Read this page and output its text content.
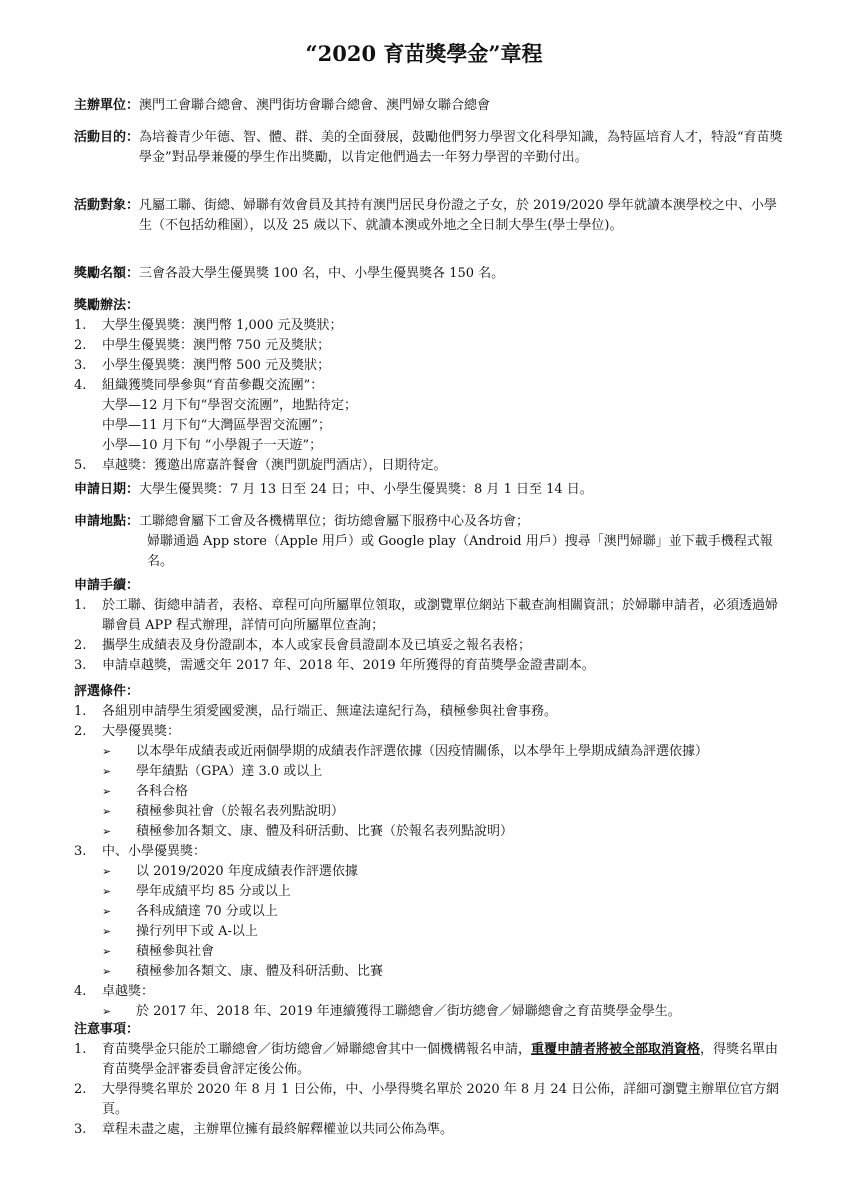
“2020 育苗獎學金”章程
主辦單位： 澳門工會聯合總會、澳門街坊會聯合總會、澳門婦女聯合總會
活動目的： 為培養青少年德、智、體、群、美的全面發展，鼓勵他們努力學習文化科學知識，為特區培育人才，特設“育苗獎學金”對品學兼優的學生作出獎勵，以肯定他們過去一年努力學習的辛勤付出。
活動對象： 凡屬工聯、街總、婦聯有效會員及其持有澳門居民身份證之子女，於 2019/2020 學年就讀本澳學校之中、小學生（不包括幼稚園），以及 25 歲以下、就讀本澳或外地之全日制大學生(學士學位)。
獎勵名額： 三會各設大學生優異獎 100 名，中、小學生優異獎各 150 名。
獎勵辦法：
1.	大學生優異獎：澳門幣 1,000 元及獎狀；
2.	中學生優異獎：澳門幣 750 元及獎狀；
3.	小學生優異獎：澳門幣 500 元及獎狀；
4.	組織獲獎同學參與“育苗參觀交流團”：
大學—12 月下旬“學習交流團”，地點待定；
中學—11 月下旬“大灣區學習交流團”；
小學—10 月下旬 “小學親子一天遊”；
5.	卓越獎：獲邀出席嘉許餐會（澳門凱旋門酒店），日期待定。
申請日期： 大學生優異獎：7 月 13 日至 24 日；中、小學生優異獎：8 月 1 日至 14 日。
申請地點： 工聯總會屬下工會及各機構單位；街坊總會屬下服務中心及各坊會；
婦聯通過 App store（Apple 用戶）或 Google play（Android 用戶）搜尋「澳門婦聯」並下載手機程式報名。
申請手續：
1.	於工聯、街總申請者，表格、章程可向所屬單位領取，或瀏覽單位網站下載查詢相關資訊；於婦聯申請者，必須透過婦聯會員 APP 程式辦理，詳情可向所屬單位查詢；
2.	攜學生成績表及身份證副本，本人或家長會員證副本及已填妥之報名表格；
3.	申請卓越獎，需遞交年 2017 年、2018 年、2019 年所獲得的育苗獎學金證書副本。
評選條件：
1.	各組別申請學生須愛國愛澳，品行端正、無違法違紀行為，積極參與社會事務。
2.	大學優異獎：
➢	以本學年成績表或近兩個學期的成績表作評選依據（因疫情關係，以本學年上學期成績為評選依據）
➢	學年績點（GPA）達 3.0 或以上
➢	各科合格
➢	積極參與社會（於報名表列點說明）
➢	積極參加各類文、康、體及科研活動、比賽（於報名表列點說明）
3.	中、小學優異獎：
➢	以 2019/2020 年度成績表作評選依據
➢	學年成績平均 85 分或以上
➢	各科成績達 70 分或以上
➢	操行列甲下或 A-以上
➢	積極參與社會
➢	積極參加各類文、康、體及科研活動、比賽
4.	卓越獎：
➢	於 2017 年、2018 年、2019 年連續獲得工聯總會／街坊總會／婦聯總會之育苗獎學金學生。
注意事項：
1.	育苗獎學金只能於工聯總會／街坊總會／婦聯總會其中一個機構報名申請，重覆申請者將被全部取消資格，得獎名單由育苗獎學金評審委員會評定後公佈。
2.	大學得獎名單於 2020 年 8 月 1 日公佈，中、小學得獎名單於 2020 年 8 月 24 日公佈，詳細可瀏覽主辦單位官方網頁。
3.	章程未盡之處，主辦單位擁有最終解釋權並以共同公佈為準。
